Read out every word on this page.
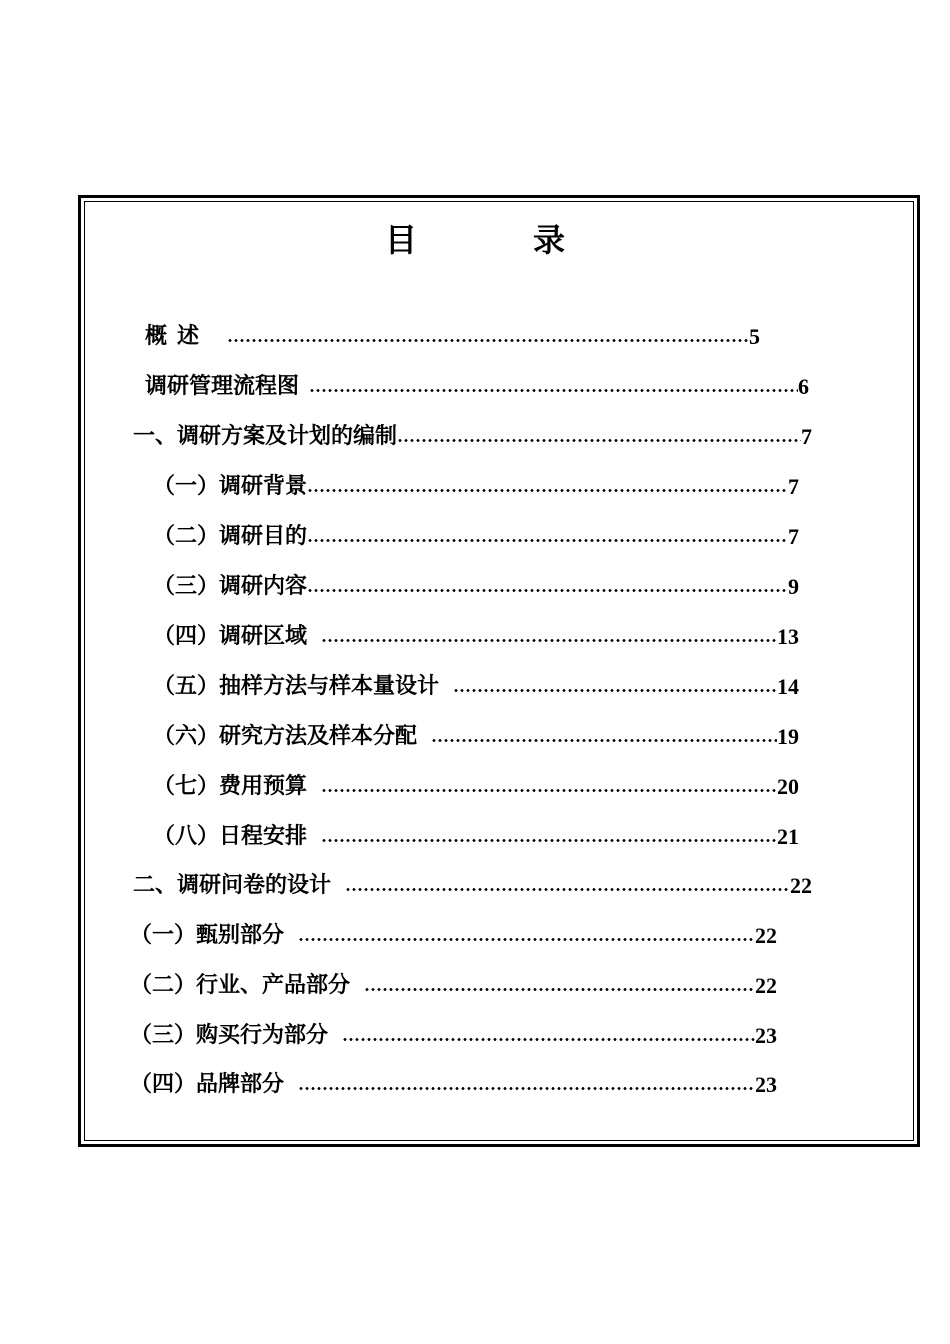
目	录
概述	5
调研管理流程图	6
一、调研方案及计划的编制	7
（一）调研背景	7
（二）调研目的	7
（三）调研内容	9
（四）调研区域	13
（五）抽样方法与样本量设计	14
（六）研究方法及样本分配	19
（七）费用预算	20
（八）日程安排	21
二、调研问卷的设计	22
（一）甄别部分	22
（二）行业、产品部分	22
（三）购买行为部分	23
（四）品牌部分	23
